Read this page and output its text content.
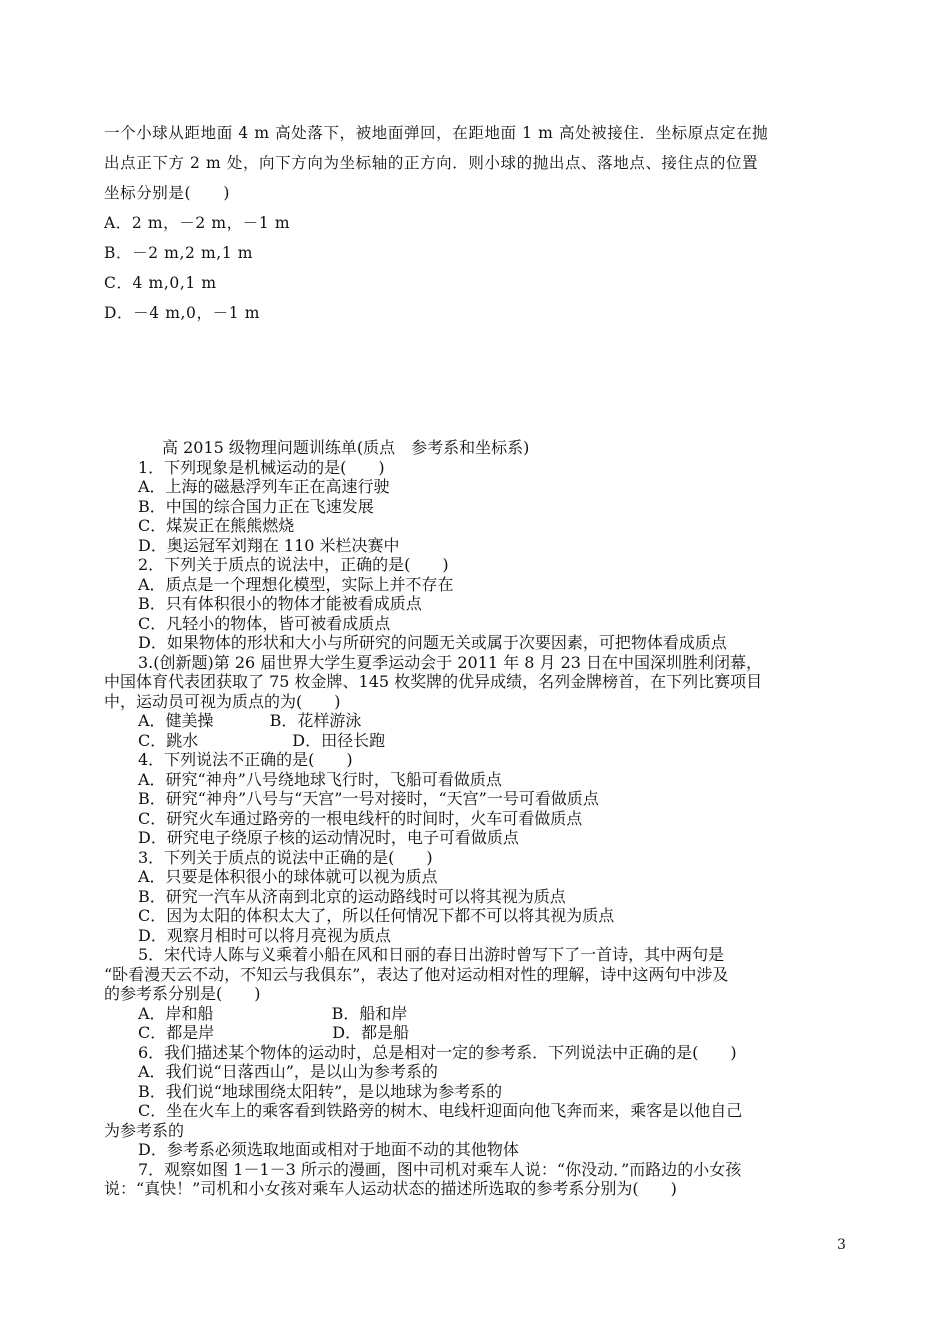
一个小球从距地面 4 m 高处落下，被地面弹回，在距地面 1 m 高处被接住．坐标原点定在抛

出点正下方 2 m 处，向下方向为坐标轴的正方向．则小球的抛出点、落地点、接住点的位置

坐标分别是(　　)

A．2 m，－2 m，－1 m

B．－2 m,2 m,1 m

C．4 m,0,1 m

D．－4 m,0，－1 m

高 2015 级物理问题训练单(质点　参考系和坐标系)

1．下列现象是机械运动的是(　　)

A．上海的磁悬浮列车正在高速行驶

B．中国的综合国力正在飞速发展

C．煤炭正在熊熊燃烧

D．奥运冠军刘翔在 110 米栏决赛中

2．下列关于质点的说法中，正确的是(　　)

A．质点是一个理想化模型，实际上并不存在

B．只有体积很小的物体才能被看成质点

C．凡轻小的物体，皆可被看成质点

D．如果物体的形状和大小与所研究的问题无关或属于次要因素，可把物体看成质点

3.(创新题)第 26 届世界大学生夏季运动会于 2011 年 8 月 23 日在中国深圳胜利闭幕，

中国体育代表团获取了 75 枚金牌、145 枚奖牌的优异成绩，名列金牌榜首，在下列比赛项目

中，运动员可视为质点的为(　　)

A．健美操	B．花样游泳

C．跳水	D．田径长跑

4．下列说法不正确的是(　　)

A．研究“神舟”八号绕地球飞行时，飞船可看做质点

B．研究“神舟”八号与“天宫”一号对接时，“天宫”一号可看做质点

C．研究火车通过路旁的一根电线杆的时间时，火车可看做质点

D．研究电子绕原子核的运动情况时，电子可看做质点

3．下列关于质点的说法中正确的是(　　)

A．只要是体积很小的球体就可以视为质点

B．研究一汽车从济南到北京的运动路线时可以将其视为质点

C．因为太阳的体积太大了，所以任何情况下都不可以将其视为质点

D．观察月相时可以将月亮视为质点

5．宋代诗人陈与义乘着小船在风和日丽的春日出游时曾写下了一首诗，其中两句是

“卧看漫天云不动，不知云与我俱东”，表达了他对运动相对性的理解，诗中这两句中涉及

的参考系分别是(　　)

A．岸和船	B．船和岸

C．都是岸	D．都是船

6．我们描述某个物体的运动时，总是相对一定的参考系．下列说法中正确的是(　　)

A．我们说“日落西山”，是以山为参考系的

B．我们说“地球围绕太阳转”，是以地球为参考系的

C．坐在火车上的乘客看到铁路旁的树木、电线杆迎面向他飞奔而来，乘客是以他自己

为参考系的

D．参考系必须选取地面或相对于地面不动的其他物体

7．观察如图 1－1－3 所示的漫画，图中司机对乘车人说：“你没动．”而路边的小女孩

说：“真快！”司机和小女孩对乘车人运动状态的描述所选取的参考系分别为(　　)

3
